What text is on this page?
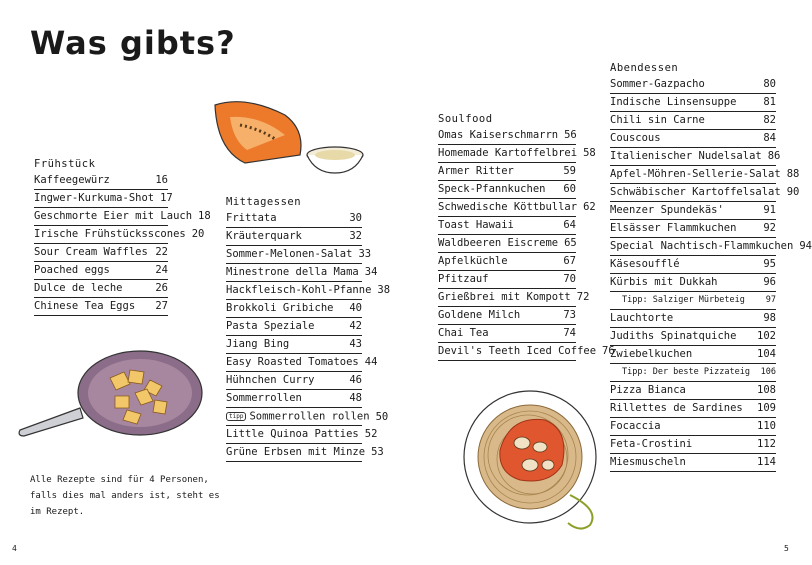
Was gibts?
Frühstück
Kaffeegewürz	16
Ingwer-Kurkuma-Shot 17
Geschmorte Eier mit Lauch 18
Irische Frühstücksscones 20
Sour Cream Waffles 22
Poached eggs	24
Dulce de leche	26
Chinese Tea Eggs	27
Mittagessen
Frittata	30
Kräuterquark	32
Sommer-Melonen-Salat 33
Minestrone della Mama 34
Hackfleisch-Kohl-Pfanne 38
Brokkoli Gribiche	40
Pasta Speziale	42
Jiang Bing	43
Easy Roasted Tomatoes 44
Hühnchen Curry	46
Sommerrollen	48
tipp Sommerrollen rollen 50
Little Quinoa Patties 52
Grüne Erbsen mit Minze 53
Soulfood
Omas Kaiserschmarrn 56
Homemade Kartoffelbrei 58
Armer Ritter	59
Speck-Pfannkuchen	60
Schwedische Köttbullar 62
Toast Hawaii	64
Waldbeeren Eiscreme 65
Apfelküchle	67
Pfitzauf	70
Grießbrei mit Kompott 72
Goldene Milch	73
Chai Tea	74
Devil's Teeth Iced Coffee 76
Abendessen
Sommer-Gazpacho	80
Indische Linsensuppe	81
Chili sin Carne	82
Couscous	84
Italienischer Nudelsalat 86
Apfel-Möhren-Sellerie-Salat 88
Schwäbischer Kartoffelsalat 90
Meenzer Spundekäs'	91
Elsässer Flammkuchen	92
Special Nachtisch-Flammkuchen 94
Käsesoufflé	95
Kürbis mit Dukkah	96
Tipp: Salziger Mürbeteig	97
Lauchtorte	98
Judiths Spinatquiche	102
Zwiebelkuchen	104
Tipp: Der beste Pizzateig	106
Pizza Bianca	108
Rillettes de Sardines	109
Focaccia	110
Feta-Crostini	112
Miesmuscheln	114
Alle Rezepte sind für 4 Personen, falls dies mal anders ist, steht es im Rezept.
4	5
